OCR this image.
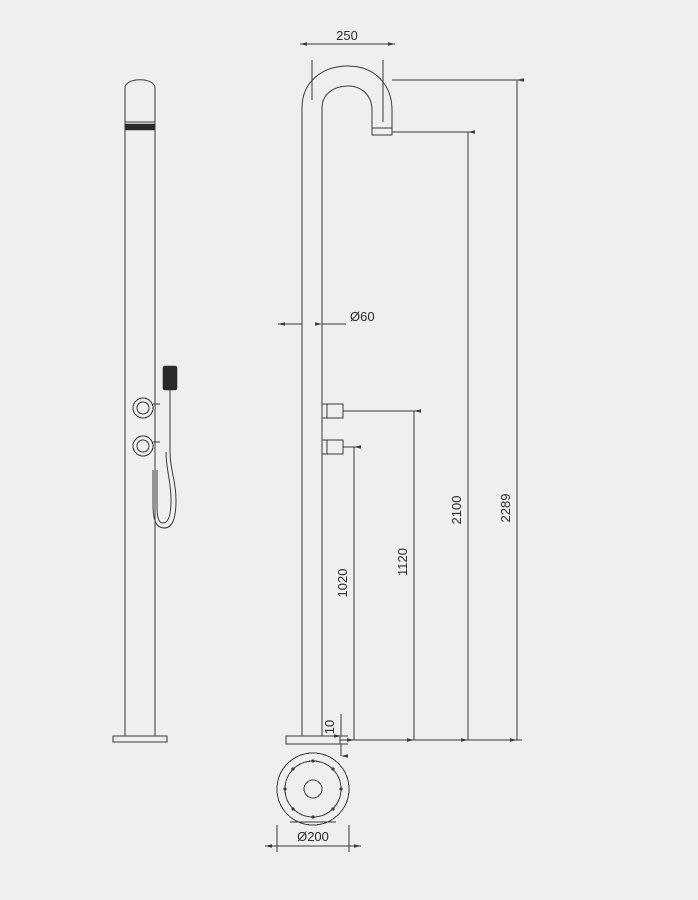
250
Ø60
2289
2100
1120
1020
10
Ø200
